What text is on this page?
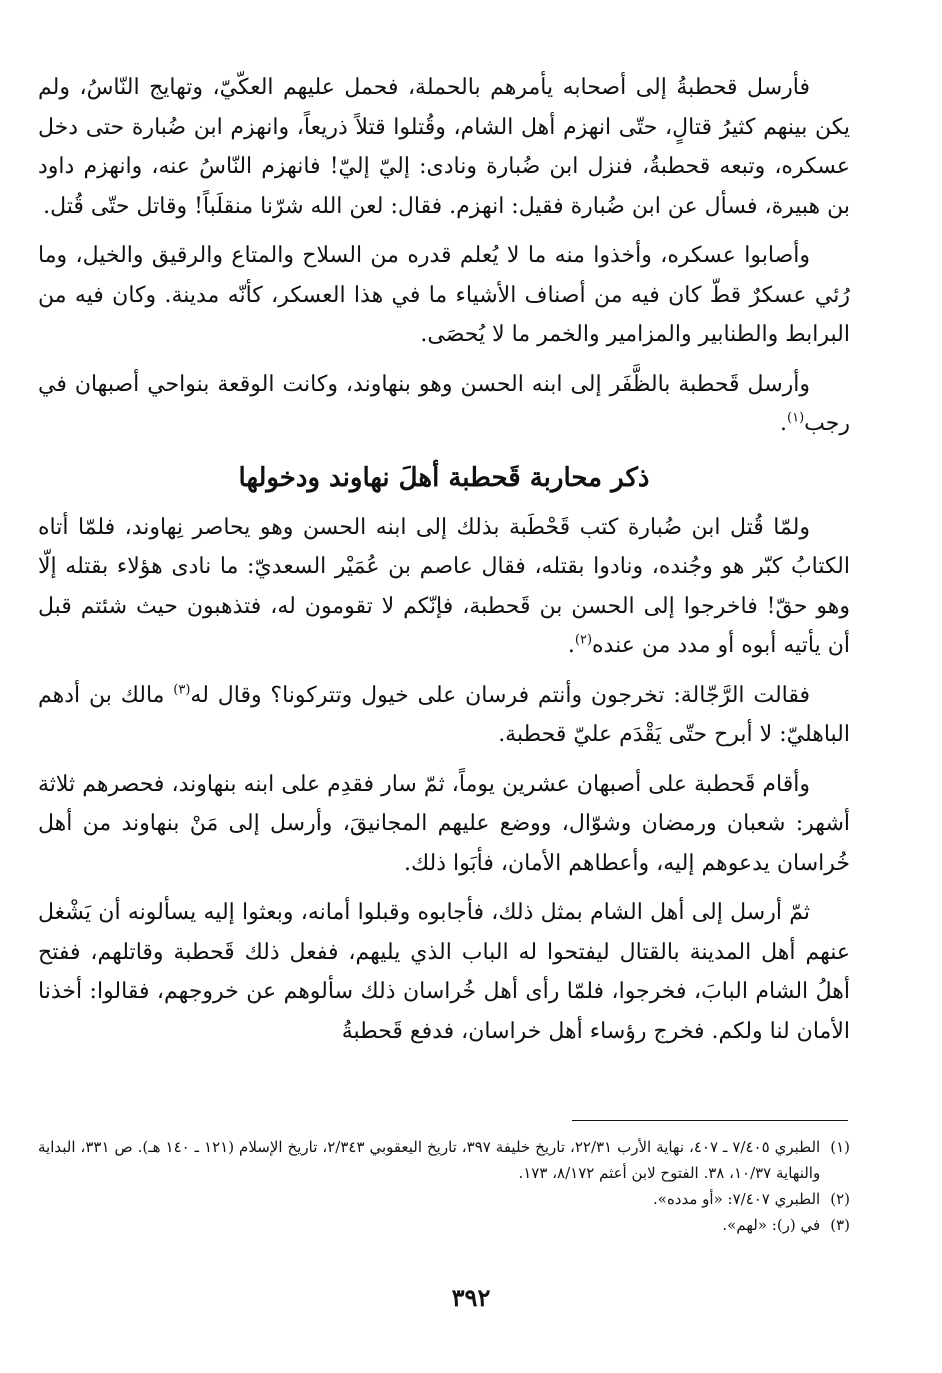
فأرسل قحطبةُ إلى أصحابه يأمرهم بالحملة، فحمل عليهم العكّيّ، وتهايج النّاسُ، ولم يكن بينهم كثيرُ قتالٍ، حتّى انهزم أهل الشام، وقُتلوا قتلاً ذريعاً، وانهزم ابن ضُبارة حتى دخل عسكره، وتبعه قحطبةُ، فنزل ابن ضُبارة ونادى: إليّ إليّ! فانهزم النّاسُ عنه، وانهزم داود بن هبيرة، فسأل عن ابن ضُبارة فقيل: انهزم. فقال: لعن الله شرّنا منقلَباً! وقاتل حتّى قُتل.

وأصابوا عسكره، وأخذوا منه ما لا يُعلم قدره من السلاح والمتاع والرقيق والخيل، وما رُئي عسكرٌ قطّ كان فيه من أصناف الأشياء ما في هذا العسكر، كأنّه مدينة. وكان فيه من البرابط والطنابير والمزامير والخمر ما لا يُحصَى.

وأرسل قَحطبة بالظَّفَر إلى ابنه الحسن وهو بنهاوند، وكانت الوقعة بنواحي أصبهان في رجب$^{(١)}$.

ذكر محاربة قَحطبة أهلَ نهاوند ودخولها

ولمّا قُتل ابن ضُبارة كتب قَحْطَبة بذلك إلى ابنه الحسن وهو يحاصر نِهاوند، فلمّا أتاه الكتابُ كبّر هو وجُنده، ونادوا بقتله، فقال عاصم بن عُمَيْر السعديّ: ما نادى هؤلاء بقتله إلّا وهو حقّ! فاخرجوا إلى الحسن بن قَحطبة، فإنّكم لا تقومون له، فتذهبون حيث شئتم قبل أن يأتيه أبوه أو مدد من عنده$^{(٢)}$.

فقالت الرَّجّالة: تخرجون وأنتم فرسان على خيول وتتركونا؟ وقال له$^{(٣)}$ مالك بن أدهم الباهليّ: لا أبرح حتّى يَقْدَم عليّ قحطبة.

وأقام قَحطبة على أصبهان عشرين يوماً، ثمّ سار فقدِم على ابنه بنهاوند، فحصرهم ثلاثة أشهر: شعبان ورمضان وشوّال، ووضع عليهم المجانيقَ، وأرسل إلى مَنْ بنهاوند من أهل خُراسان يدعوهم إليه، وأعطاهم الأمان، فأبَوا ذلك.

ثمّ أرسل إلى أهل الشام بمثل ذلك، فأجابوه وقبلوا أمانه، وبعثوا إليه يسألونه أن يَشْغل عنهم أهل المدينة بالقتال ليفتحوا له الباب الذي يليهم، ففعل ذلك قَحطبة وقاتلهم، ففتح أهلُ الشام البابَ، فخرجوا، فلمّا رأى أهل خُراسان ذلك سألوهم عن خروجهم، فقالوا: أخذنا الأمان لنا ولكم. فخرج رؤساء أهل خراسان، فدفع قَحطبةُ

(١)
الطبري ٧/٤٠٥ ـ ٤٠٧، نهاية الأرب ٢٢/٣١، تاريخ خليفة ٣٩٧، تاريخ اليعقوبي ٢/٣٤٣، تاريخ الإسلام (١٢١ ـ ١٤٠ هـ). ص ٣٣١، البداية والنهاية ١٠/٣٧، ٣٨. الفتوح لابن أعثم ٨/١٧٢، ١٧٣.
(٢)
الطبري ٧/٤٠٧: «أو مدده».
(٣)
في (ر): «لهم».
٣٩٢
